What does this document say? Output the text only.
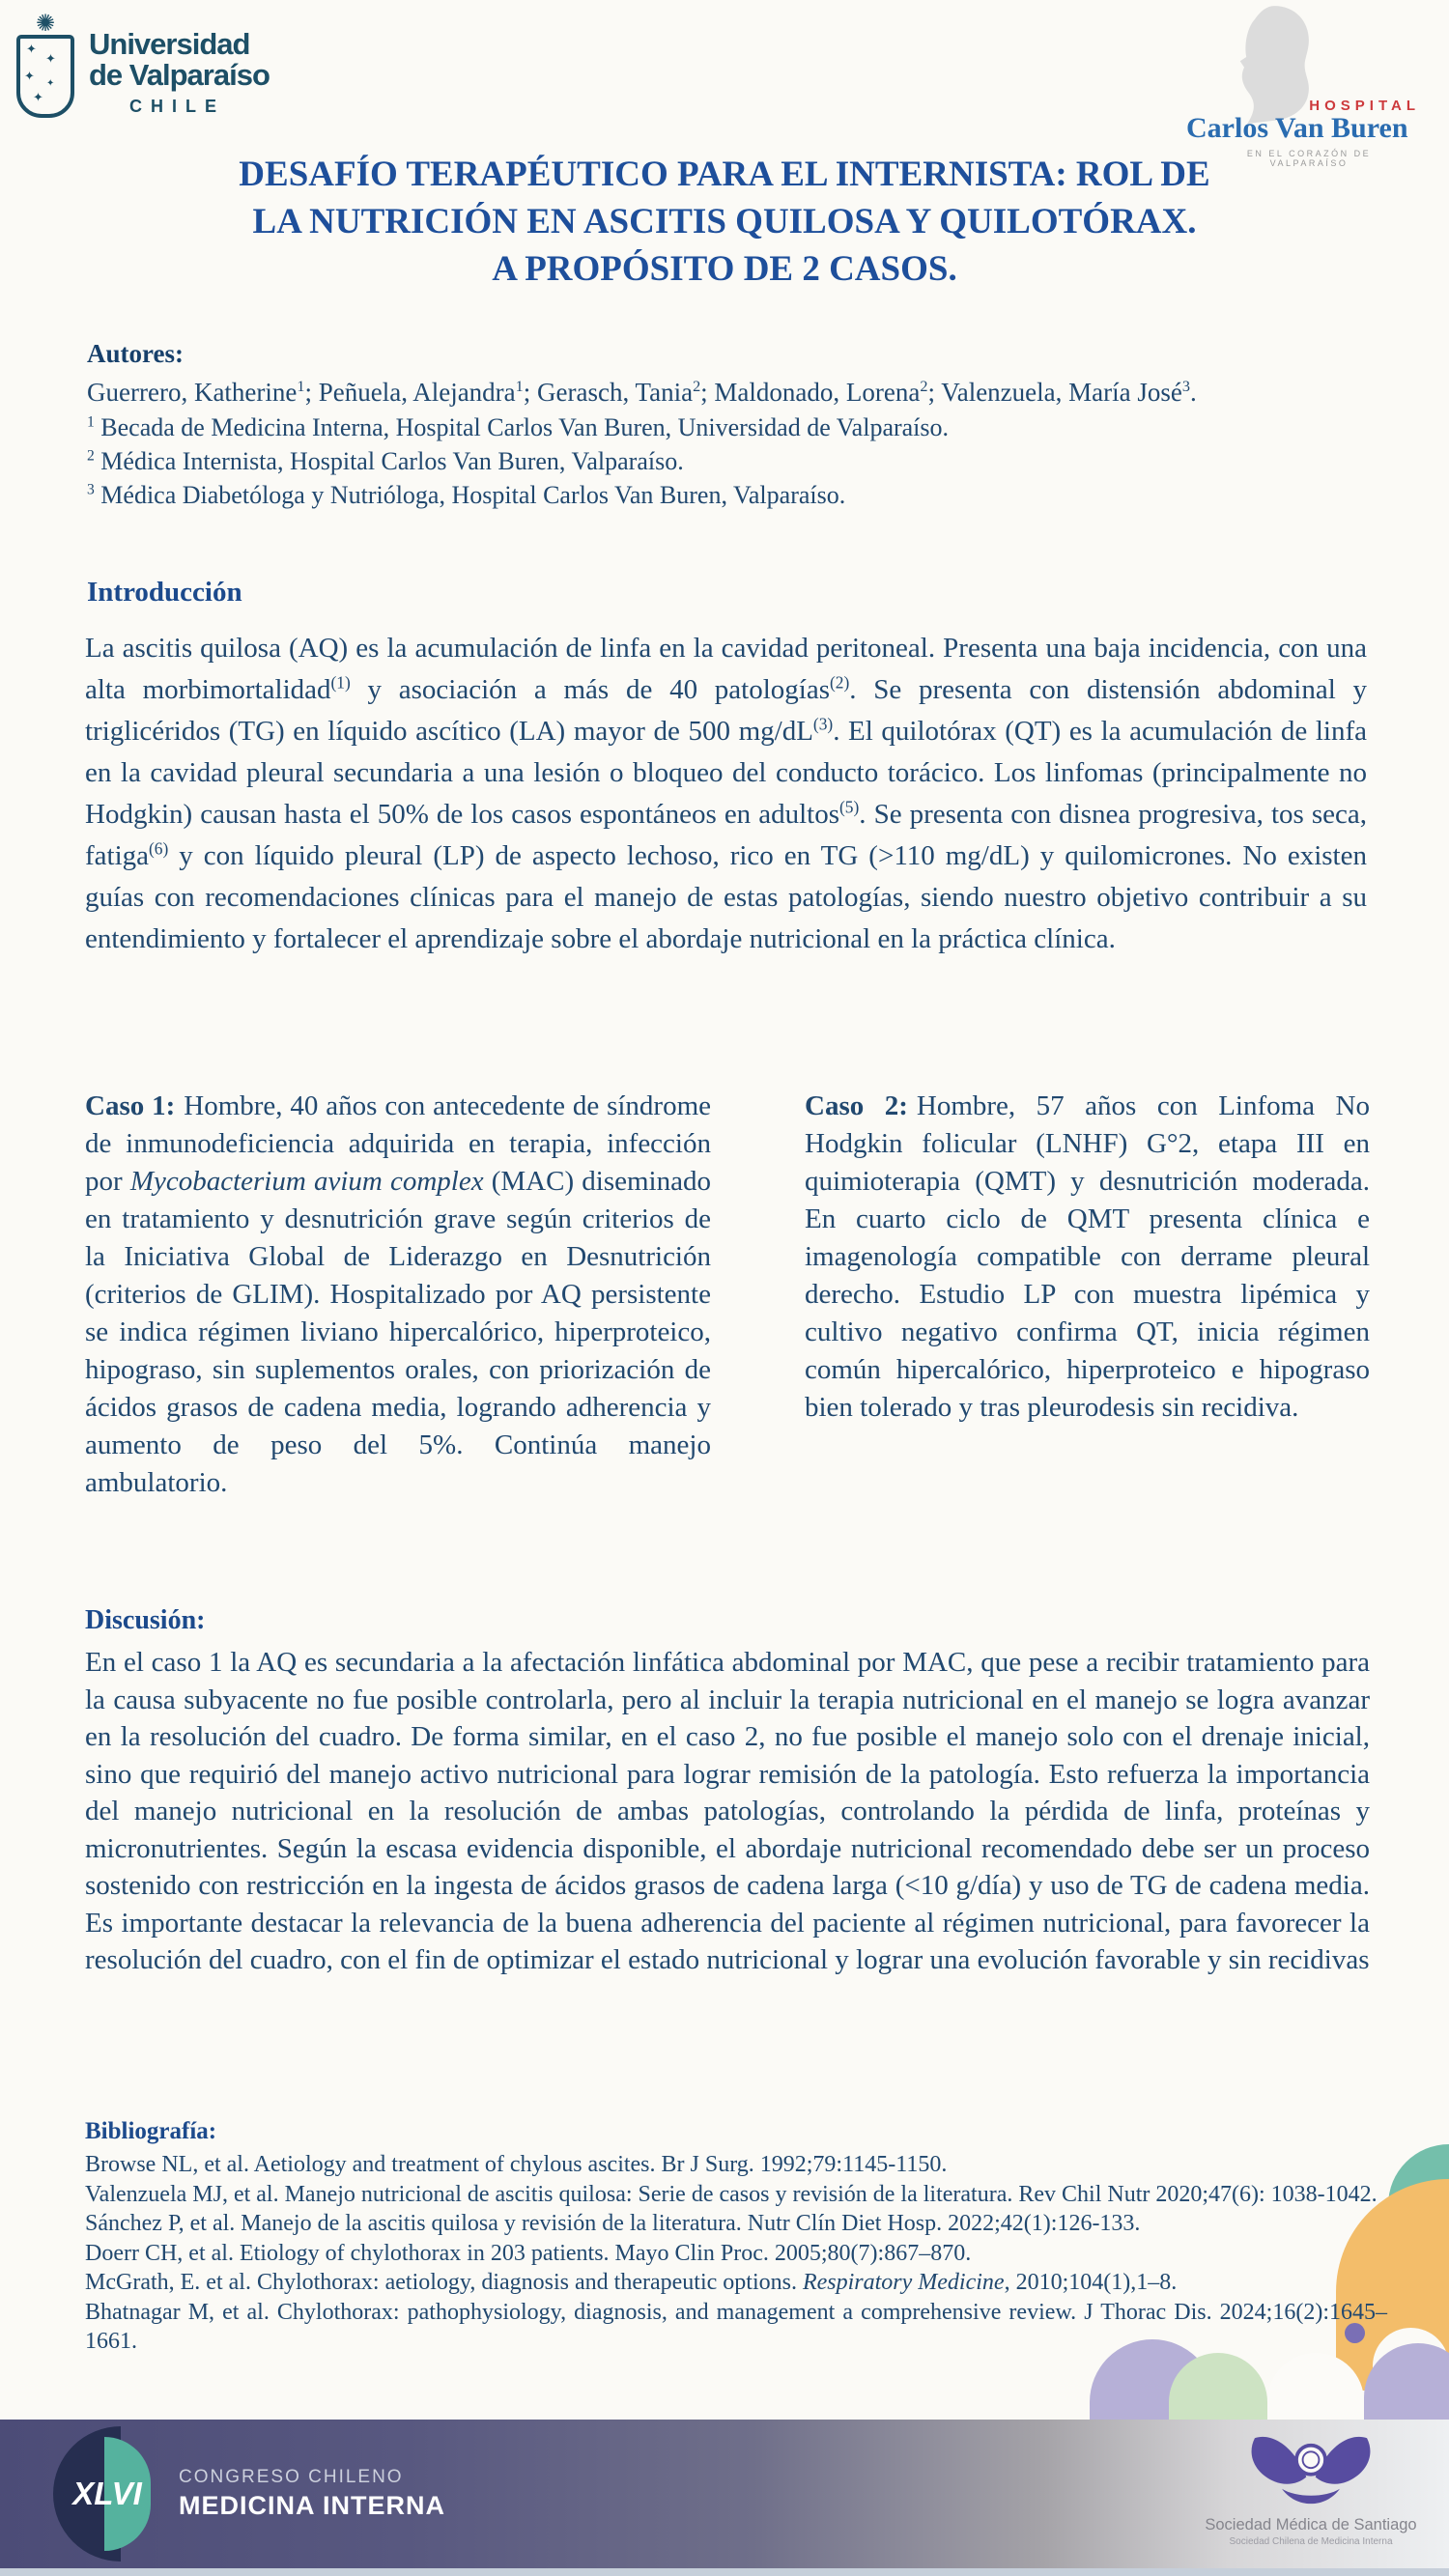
✺
✦
✦
✦
✦
✦
Universidad
de Valparaíso
CHILE	HOSPITAL
Carlos Van Buren
EN EL CORAZÓN DE VALPARAÍSO
DESAFÍO TERAPÉUTICO PARA EL INTERNISTA: ROL DE
LA NUTRICIÓN EN ASCITIS QUILOSA Y QUILOTÓRAX.
A PROPÓSITO DE 2 CASOS.
Autores:
Guerrero, Katherine$^1$; Peñuela, Alejandra$^1$; Gerasch, Tania$^2$; Maldonado, Lorena$^2$; Valenzuela, María José$^3$.
$^1$ Becada de Medicina Interna, Hospital Carlos Van Buren, Universidad de Valparaíso.
$^2$ Médica Internista, Hospital Carlos Van Buren, Valparaíso.
$^3$ Médica Diabetóloga y Nutrióloga, Hospital Carlos Van Buren, Valparaíso.
Introducción
La ascitis quilosa (AQ) es la acumulación de linfa en la cavidad peritoneal. Presenta una baja incidencia, con una alta morbimortalidad$^{(1)}$ y asociación a más de 40 patologías$^{(2)}$. Se presenta con distensión abdominal y triglicéridos (TG) en líquido ascítico (LA) mayor de 500 $mg/dL^{(3)}$. El quilotórax (QT) es la acumulación de linfa en la cavidad pleural secundaria a una lesión o bloqueo del conducto torácico. Los linfomas (principalmente no Hodgkin) causan hasta el 50% de los casos espontáneos en adultos$^{(5)}$. Se presenta con disnea progresiva, tos seca, fatiga$^{(6)}$ y con líquido pleural (LP) de aspecto lechoso, rico en TG (>110 mg/dL) y quilomicrones. No existen guías con recomendaciones clínicas para el manejo de estas patologías, siendo nuestro objetivo contribuir a su entendimiento y fortalecer el aprendizaje sobre el abordaje nutricional en la práctica clínica.
Caso 1: Hombre, 40 años con antecedente de síndrome de inmunodeficiencia adquirida en terapia, infección por Mycobacterium avium complex (MAC) diseminado en tratamiento y desnutrición grave según criterios de la Iniciativa Global de Liderazgo en Desnutrición (criterios de GLIM). Hospitalizado por AQ persistente se indica régimen liviano hipercalórico, hiperproteico, hipograso, sin suplementos orales, con priorización de ácidos grasos de cadena media, logrando adherencia y aumento de peso del 5%. Continúa manejo ambulatorio.
Caso 2: Hombre, 57 años con Linfoma No Hodgkin folicular (LNHF) G°2, etapa III en quimioterapia (QMT) y desnutrición moderada. En cuarto ciclo de QMT presenta clínica e imagenología compatible con derrame pleural derecho. Estudio LP con muestra lipémica y cultivo negativo confirma QT, inicia régimen común hipercalórico, hiperproteico e hipograso bien tolerado y tras pleurodesis sin recidiva.
Discusión:
En el caso 1 la AQ es secundaria a la afectación linfática abdominal por MAC, que pese a recibir tratamiento para la causa subyacente no fue posible controlarla, pero al incluir la terapia nutricional en el manejo se logra avanzar en la resolución del cuadro. De forma similar, en el caso 2, no fue posible el manejo solo con el drenaje inicial, sino que requirió del manejo activo nutricional para lograr remisión de la patología. Esto refuerza la importancia del manejo nutricional en la resolución de ambas patologías, controlando la pérdida de linfa, proteínas y micronutrientes. Según la escasa evidencia disponible, el abordaje nutricional recomendado debe ser un proceso sostenido con restricción en la ingesta de ácidos grasos de cadena larga (<10 g/día) y uso de TG de cadena media. Es importante destacar la relevancia de la buena adherencia del paciente al régimen nutricional, para favorecer la resolución del cuadro, con el fin de optimizar el estado nutricional y lograr una evolución favorable y sin recidivas
Bibliografía:
Browse NL, et al. Aetiology and treatment of chylous ascites. Br J Surg. 1992;79:1145-1150.
Valenzuela MJ, et al. Manejo nutricional de ascitis quilosa: Serie de casos y revisión de la literatura. Rev Chil Nutr 2020;47(6): 1038-1042.
Sánchez P, et al. Manejo de la ascitis quilosa y revisión de la literatura. Nutr Clín Diet Hosp. 2022;42(1):126-133.
Doerr CH, et al. Etiology of chylothorax in 203 patients. Mayo Clin Proc. 2005;80(7):867–870.
McGrath, E. et al. Chylothorax: aetiology, diagnosis and therapeutic options. Respiratory Medicine, 2010;104(1),1–8.
Bhatnagar M, et al. Chylothorax: pathophysiology, diagnosis, and management a comprehensive review. J Thorac Dis. 2024;16(2):1645–1661.
XLVI	CONGRESO CHILENO
MEDICINA INTERNA
Sociedad Médica de Santiago
Sociedad Chilena de Medicina Interna
